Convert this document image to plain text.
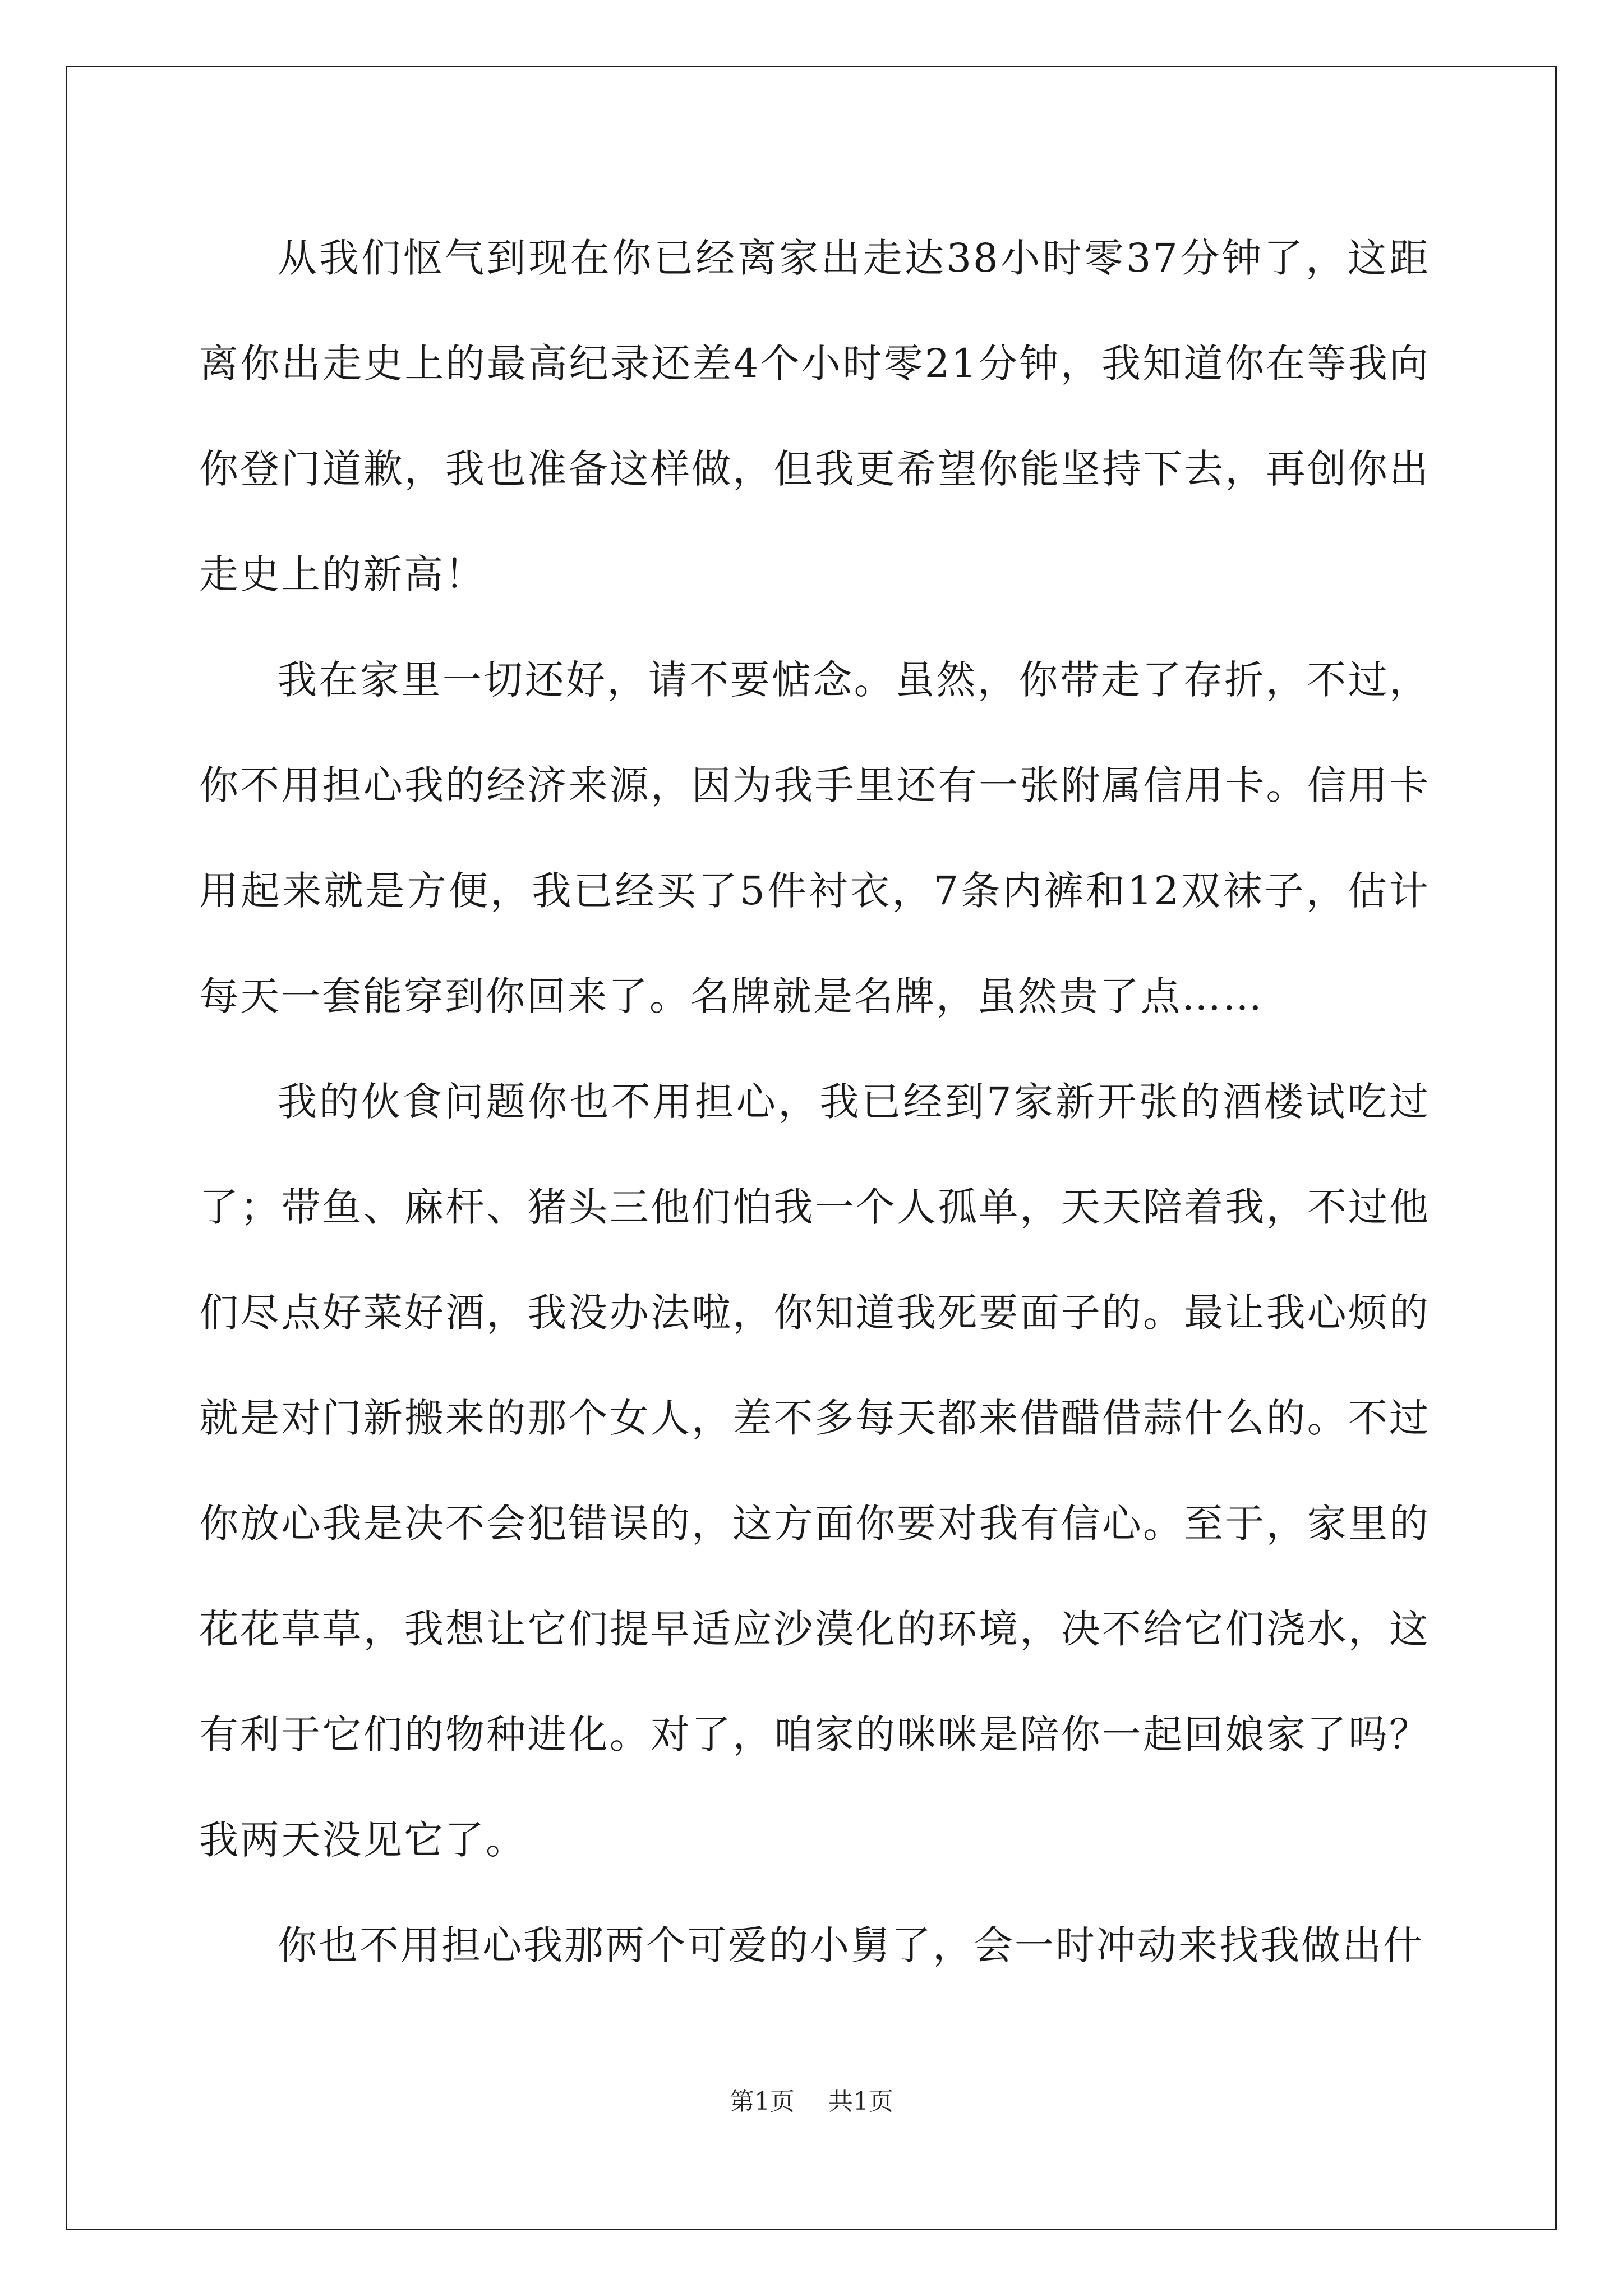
从我们怄气到现在你已经离家出走达38小时零37分钟了，这距离你出走史上的最高纪录还差4个小时零21分钟，我知道你在等我向你登门道歉，我也准备这样做，但我更希望你能坚持下去，再创你出走史上的新高！

我在家里一切还好，请不要惦念。虽然，你带走了存折，不过，你不用担心我的经济来源，因为我手里还有一张附属信用卡。信用卡用起来就是方便，我已经买了5件衬衣，7条内裤和12双袜子，估计每天一套能穿到你回来了。名牌就是名牌，虽然贵了点……

我的伙食问题你也不用担心，我已经到7家新开张的酒楼试吃过了；带鱼、麻杆、猪头三他们怕我一个人孤单，天天陪着我，不过他们尽点好菜好酒，我没办法啦，你知道我死要面子的。最让我心烦的就是对门新搬来的那个女人，差不多每天都来借醋借蒜什么的。不过你放心我是决不会犯错误的，这方面你要对我有信心。至于，家里的花花草草，我想让它们提早适应沙漠化的环境，决不给它们浇水，这有利于它们的物种进化。对了，咱家的咪咪是陪你一起回娘家了吗？我两天没见它了。

你也不用担心我那两个可爱的小舅了，会一时冲动来找我做出什

第1页 共1页
